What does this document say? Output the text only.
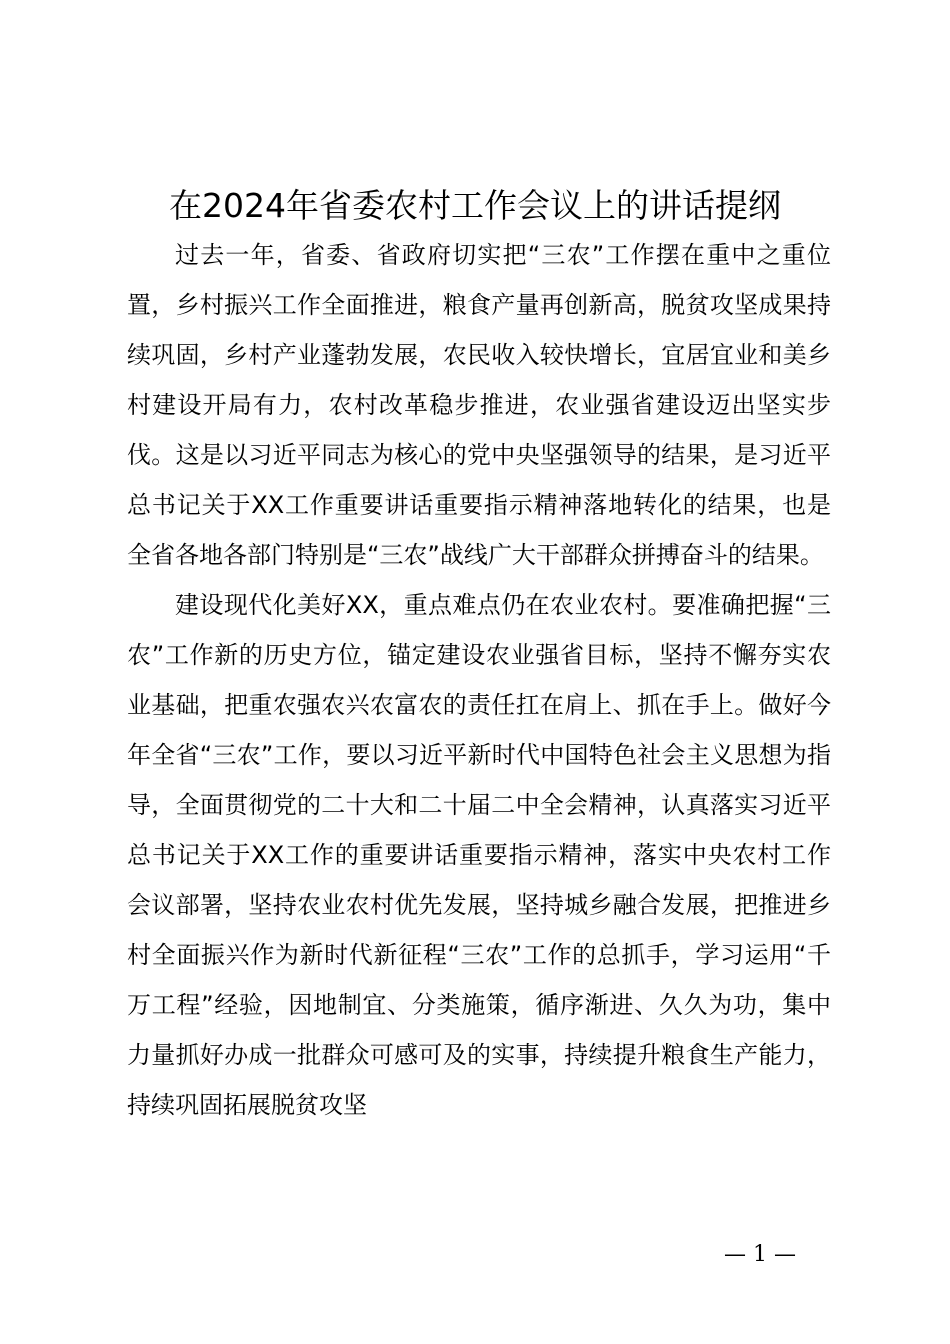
在2024年省委农村工作会议上的讲话提纲

过去一年，省委、省政府切实把“三农”工作摆在重中之重位置，乡村振兴工作全面推进，粮食产量再创新高，脱贫攻坚成果持续巩固，乡村产业蓬勃发展，农民收入较快增长，宜居宜业和美乡村建设开局有力，农村改革稳步推进，农业强省建设迈出坚实步伐。这是以习近平同志为核心的党中央坚强领导的结果，是习近平总书记关于XX工作重要讲话重要指示精神落地转化的结果，也是全省各地各部门特别是“三农”战线广大干部群众拼搏奋斗的结果。

建设现代化美好XX，重点难点仍在农业农村。要准确把握“三农”工作新的历史方位，锚定建设农业强省目标，坚持不懈夯实农业基础，把重农强农兴农富农的责任扛在肩上、抓在手上。做好今年全省“三农”工作，要以习近平新时代中国特色社会主义思想为指导，全面贯彻党的二十大和二十届二中全会精神，认真落实习近平总书记关于XX工作的重要讲话重要指示精神，落实中央农村工作会议部署，坚持农业农村优先发展，坚持城乡融合发展，把推进乡村全面振兴作为新时代新征程“三农”工作的总抓手，学习运用“千万工程”经验，因地制宜、分类施策，循序渐进、久久为功，集中力量抓好办成一批群众可感可及的实事，持续提升粮食生产能力，持续巩固拓展脱贫攻坚

— 1 —
